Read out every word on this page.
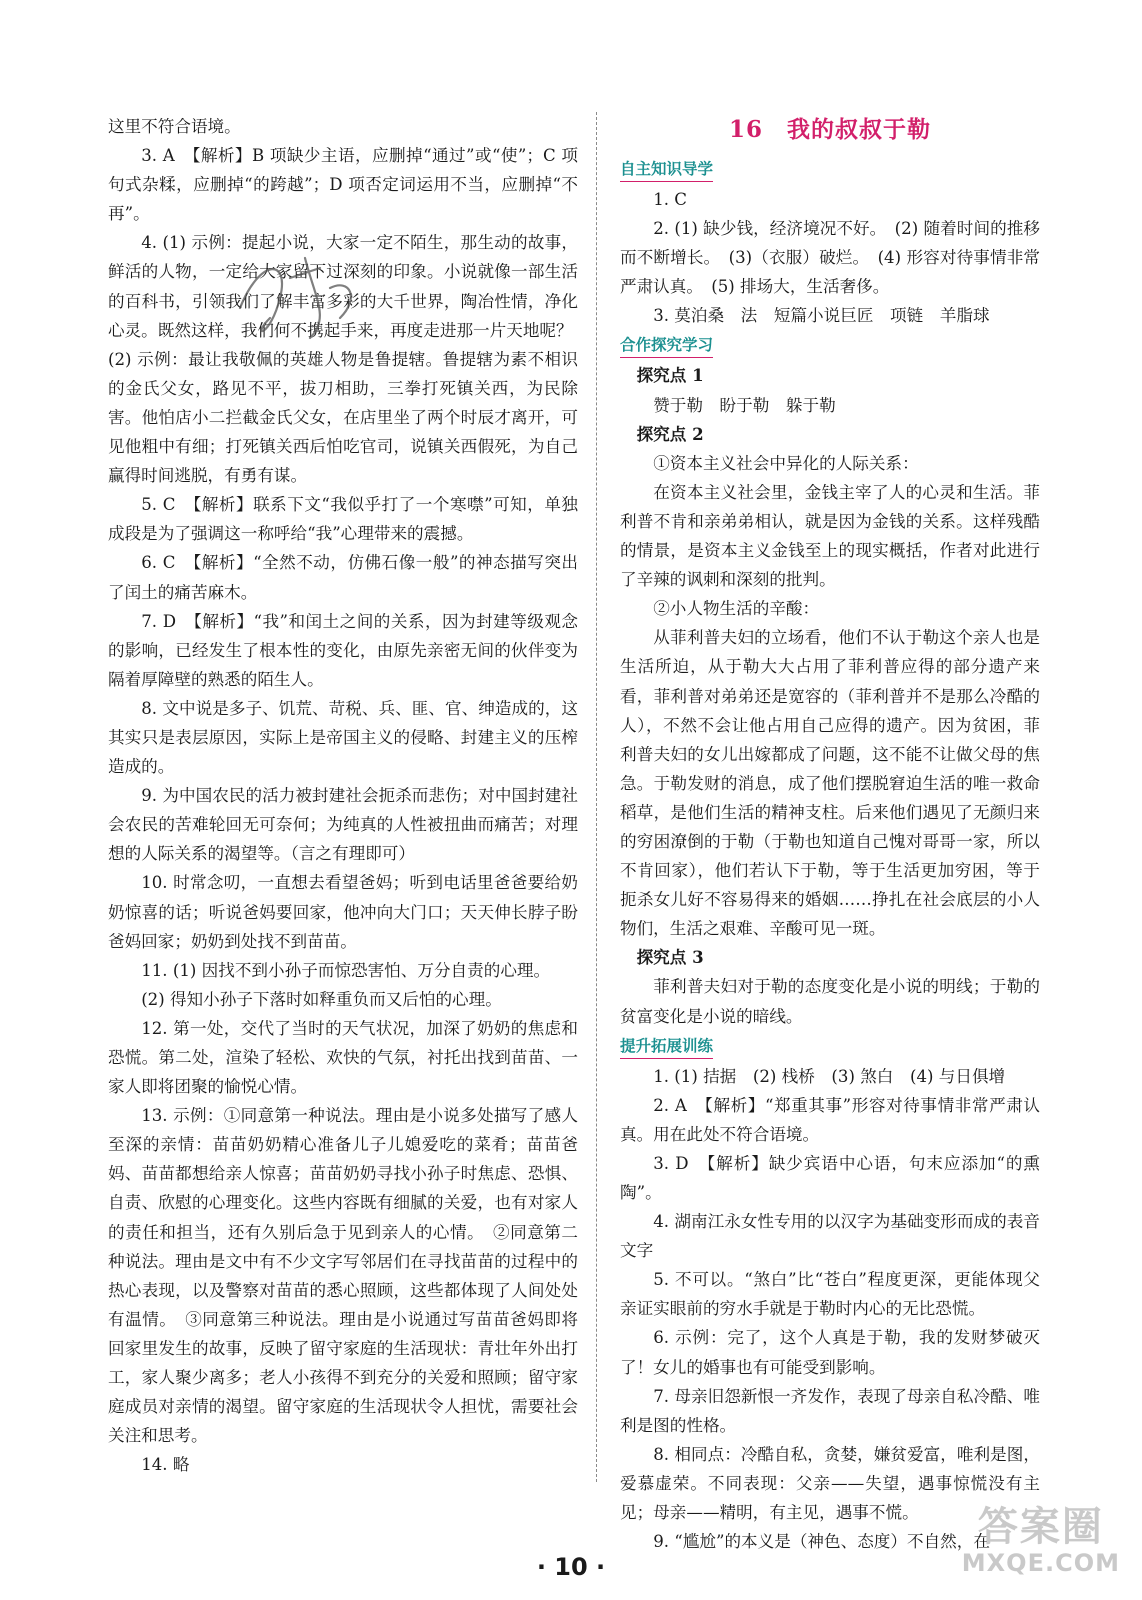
这里不符合语境。

3. A　【解析】B 项缺少主语，应删掉“通过”或“使”；C 项句式杂糅，应删掉“的跨越”；D 项否定词运用不当，应删掉“不再”。

4. (1) 示例：提起小说，大家一定不陌生，那生动的故事，鲜活的人物，一定给大家留下过深刻的印象。小说就像一部生活的百科书，引领我们了解丰富多彩的大千世界，陶冶性情，净化心灵。既然这样，我们何不携起手来，再度走进那一片天地呢？

(2) 示例：最让我敬佩的英雄人物是鲁提辖。鲁提辖为素不相识的金氏父女，路见不平，拔刀相助，三拳打死镇关西，为民除害。他怕店小二拦截金氏父女，在店里坐了两个时辰才离开，可见他粗中有细；打死镇关西后怕吃官司，说镇关西假死，为自己赢得时间逃脱，有勇有谋。

5. C　【解析】联系下文“我似乎打了一个寒噤”可知，单独成段是为了强调这一称呼给“我”心理带来的震撼。

6. C　【解析】“全然不动，仿佛石像一般”的神态描写突出了闰土的痛苦麻木。

7. D　【解析】“我”和闰土之间的关系，因为封建等级观念的影响，已经发生了根本性的变化，由原先亲密无间的伙伴变为隔着厚障壁的熟悉的陌生人。

8. 文中说是多子、饥荒、苛税、兵、匪、官、绅造成的，这其实只是表层原因，实际上是帝国主义的侵略、封建主义的压榨造成的。

9. 为中国农民的活力被封建社会扼杀而悲伤；对中国封建社会农民的苦难轮回无可奈何；为纯真的人性被扭曲而痛苦；对理想的人际关系的渴望等。（言之有理即可）

10. 时常念叨，一直想去看望爸妈；听到电话里爸爸要给奶奶惊喜的话；听说爸妈要回家，他冲向大门口；天天伸长脖子盼爸妈回家；奶奶到处找不到苗苗。

11. (1) 因找不到小孙子而惊恐害怕、万分自责的心理。

(2) 得知小孙子下落时如释重负而又后怕的心理。

12. 第一处，交代了当时的天气状况，加深了奶奶的焦虑和恐慌。第二处，渲染了轻松、欢快的气氛，衬托出找到苗苗、一家人即将团聚的愉悦心情。

13. 示例：①同意第一种说法。理由是小说多处描写了感人至深的亲情：苗苗奶奶精心准备儿子儿媳爱吃的菜肴；苗苗爸妈、苗苗都想给亲人惊喜；苗苗奶奶寻找小孙子时焦虑、恐惧、自责、欣慰的心理变化。这些内容既有细腻的关爱，也有对家人的责任和担当，还有久别后急于见到亲人的心情。　②同意第二种说法。理由是文中有不少文字写邻居们在寻找苗苗的过程中的热心表现，以及警察对苗苗的悉心照顾，这些都体现了人间处处有温情。　③同意第三种说法。理由是小说通过写苗苗爸妈即将回家里发生的故事，反映了留守家庭的生活现状：青壮年外出打工，家人聚少离多；老人小孩得不到充分的关爱和照顾；留守家庭成员对亲情的渴望。留守家庭的生活现状令人担忧，需要社会关注和思考。

14. 略

16　我的叔叔于勒
自主知识导学

1. C

2. (1) 缺少钱，经济境况不好。　(2) 随着时间的推移而不断增长。　(3)（衣服）破烂。　(4) 形容对待事情非常严肃认真。　(5) 排场大，生活奢侈。

3. 莫泊桑　法　短篇小说巨匠　项链　羊脂球

合作探究学习

探究点 1

赞于勒　盼于勒　躲于勒

探究点 2

①资本主义社会中异化的人际关系：

在资本主义社会里，金钱主宰了人的心灵和生活。菲利普不肯和亲弟弟相认，就是因为金钱的关系。这样残酷的情景，是资本主义金钱至上的现实概括，作者对此进行了辛辣的讽刺和深刻的批判。

②小人物生活的辛酸：

从菲利普夫妇的立场看，他们不认于勒这个亲人也是生活所迫，从于勒大大占用了菲利普应得的部分遗产来看，菲利普对弟弟还是宽容的（菲利普并不是那么冷酷的人），不然不会让他占用自己应得的遗产。因为贫困，菲利普夫妇的女儿出嫁都成了问题，这不能不让做父母的焦急。于勒发财的消息，成了他们摆脱窘迫生活的唯一救命稻草，是他们生活的精神支柱。后来他们遇见了无颜归来的穷困潦倒的于勒（于勒也知道自己愧对哥哥一家，所以不肯回家），他们若认下于勒，等于生活更加穷困，等于扼杀女儿好不容易得来的婚姻……挣扎在社会底层的小人物们，生活之艰难、辛酸可见一斑。

探究点 3

菲利普夫妇对于勒的态度变化是小说的明线；于勒的贫富变化是小说的暗线。

提升拓展训练

1. (1) 拮据　(2) 栈桥　(3) 煞白　(4) 与日俱增

2. A　【解析】“郑重其事”形容对待事情非常严肃认真。用在此处不符合语境。

3. D　【解析】缺少宾语中心语，句末应添加“的熏陶”。

4. 湖南江永女性专用的以汉字为基础变形而成的表音文字

5. 不可以。“煞白”比“苍白”程度更深，更能体现父亲证实眼前的穷水手就是于勒时内心的无比恐慌。

6. 示例：完了，这个人真是于勒，我的发财梦破灭了！女儿的婚事也有可能受到影响。

7. 母亲旧怨新恨一齐发作，表现了母亲自私冷酷、唯利是图的性格。

8. 相同点：冷酷自私，贪婪，嫌贫爱富，唯利是图，爱慕虚荣。不同表现：父亲——失望，遇事惊慌没有主见；母亲——精明，有主见，遇事不慌。

9. “尴尬”的本义是（神色、态度）不自然，在

· 10 ·
答案圈
MXQE.COM
